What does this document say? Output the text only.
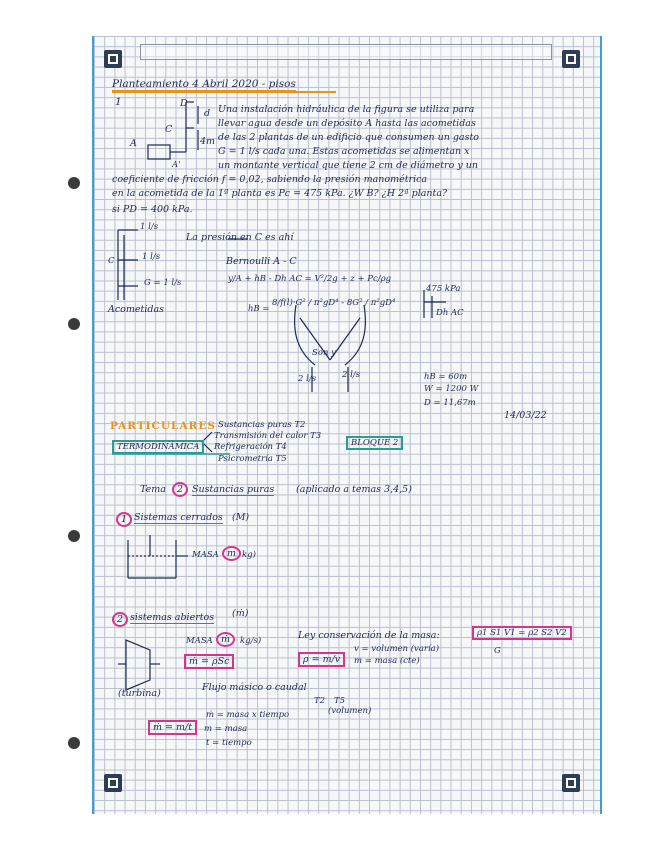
Planteamiento 4 Abril 2020 - pisos
1	D
C
A
A'
d
4m
Una instalación hidráulica de la figura se utiliza para
llevar agua desde un depósito A hasta las acometidas
de las 2 plantas de un edificio que consumen un gasto
G = 1 l/s cada una. Estas acometidas se alimentan x
un montante vertical que tiene 2 cm de diámetro y un
coeficiente de fricción f = 0,02, sabiendo la presión manométrica
en la acometida de la 1ª planta es Pc = 475 kPa. ¿W B? ¿H 2ª planta?
si PD = 400 kPa.
1 l/s
La presión en C es ahí
1 l/s
C	Bernoulli A - C
G = 1 l/s	y/A + hB - Dh AC = V²/2g + z + Pc/ρg
475 kPa
Acometidas	hB =
8/f(l)·G² / π²gD⁴ - 8G² / π²gD⁴
Dh AC
Son y
2 l/s	2 l/s	hB = 60m
W = 1200 W
D = 11,67m
14/03/22
PARTICULARES
TERMODINÁMICA
Sustancias puras T2
Transmisión del calor T3
Refrigeración T4
Psicrometría T5
BLOQUE 2
Tema	2 Sustancias puras (aplicado a temas 3,4,5)
1 Sistemas cerrados (M)
MASA m kg)
2 sistemas abiertos (ṁ)
MASA ṁ	kg/s)
ṁ = ρSc
Ley conservación de la masa:	ρ1 S1 V1 = ρ2 S2 V2
G
ρ = m/v
v = volumen (varía)
m = masa (cte)
(turbina)
Flujo másico o caudal
T2 T5
(volumen)
ṁ = masa x tiempo
ṁ = m/t	m = masa
t = tiempo
